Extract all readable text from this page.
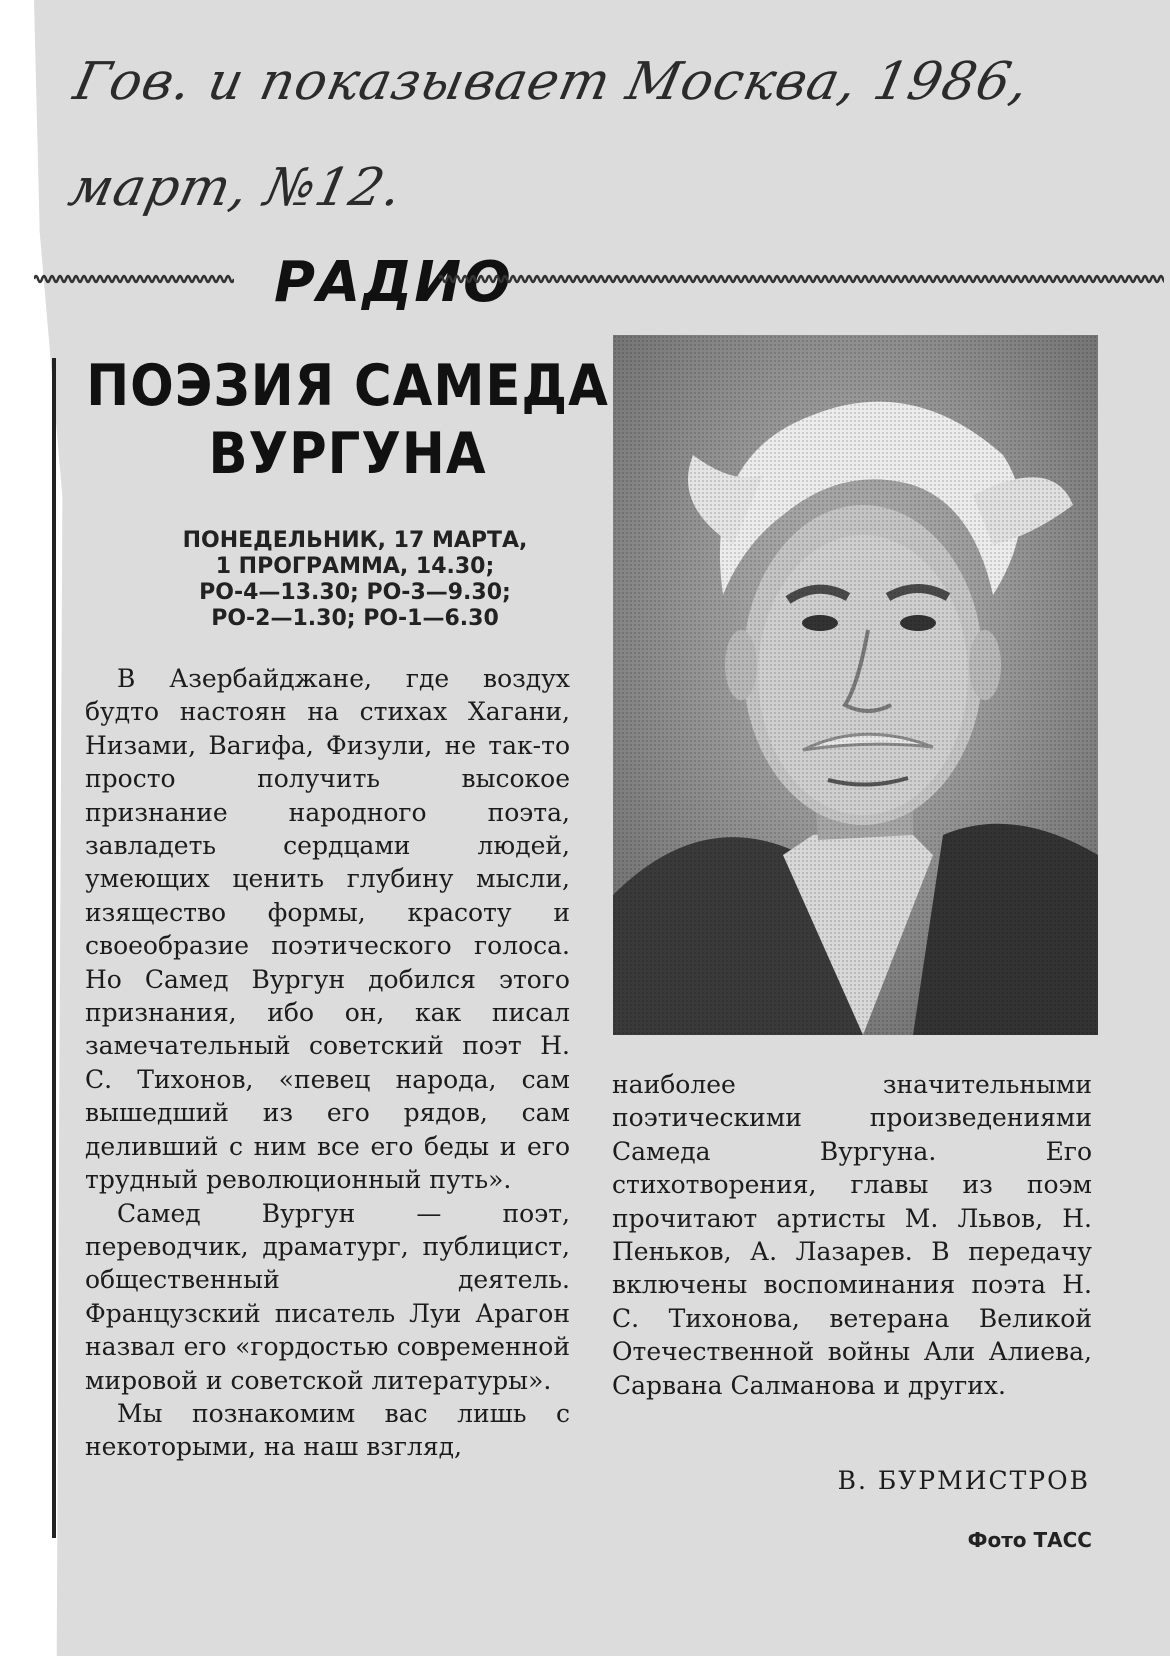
Гов. и показывает Москва, 1986,
март, №12.
РАДИО
ПОЭЗИЯ САМЕДА
ВУРГУНА
ПОНЕДЕЛЬНИК, 17 МАРТА,
1 ПРОГРАММА, 14.30;
РО-4—13.30; РО-3—9.30;
РО-2—1.30; РО-1—6.30

В Азербайджане, где воздух будто настоян на стихах Хагани, Низами, Вагифа, Физули, не так-то просто получить высокое признание народного поэта, завладеть сердцами людей, умеющих ценить глубину мысли, изящество формы, красоту и своеобразие поэтического голоса. Но Самед Вургун добился этого признания, ибо он, как писал замечательный советский поэт Н. С. Тихонов, «певец народа, сам вышедший из его рядов, сам деливший с ним все его беды и его трудный революционный путь».

Самед Вургун — поэт, переводчик, драматург, публицист, общественный деятель. Французский писатель Луи Арагон назвал его «гордостью современной мировой и советской литературы».

Мы познакомим вас лишь с некоторыми, на наш взгляд,

наиболее значительными поэтическими произведениями Самеда Вургуна. Его стихотворения, главы из поэм прочитают артисты М. Львов, Н. Пеньков, А. Лазарев. В передачу включены воспоминания поэта Н. С. Тихонова, ветерана Великой Отечественной войны Али Алиева, Сарвана Салманова и других.

В. БУРМИСТРОВ
Фото ТАСС
